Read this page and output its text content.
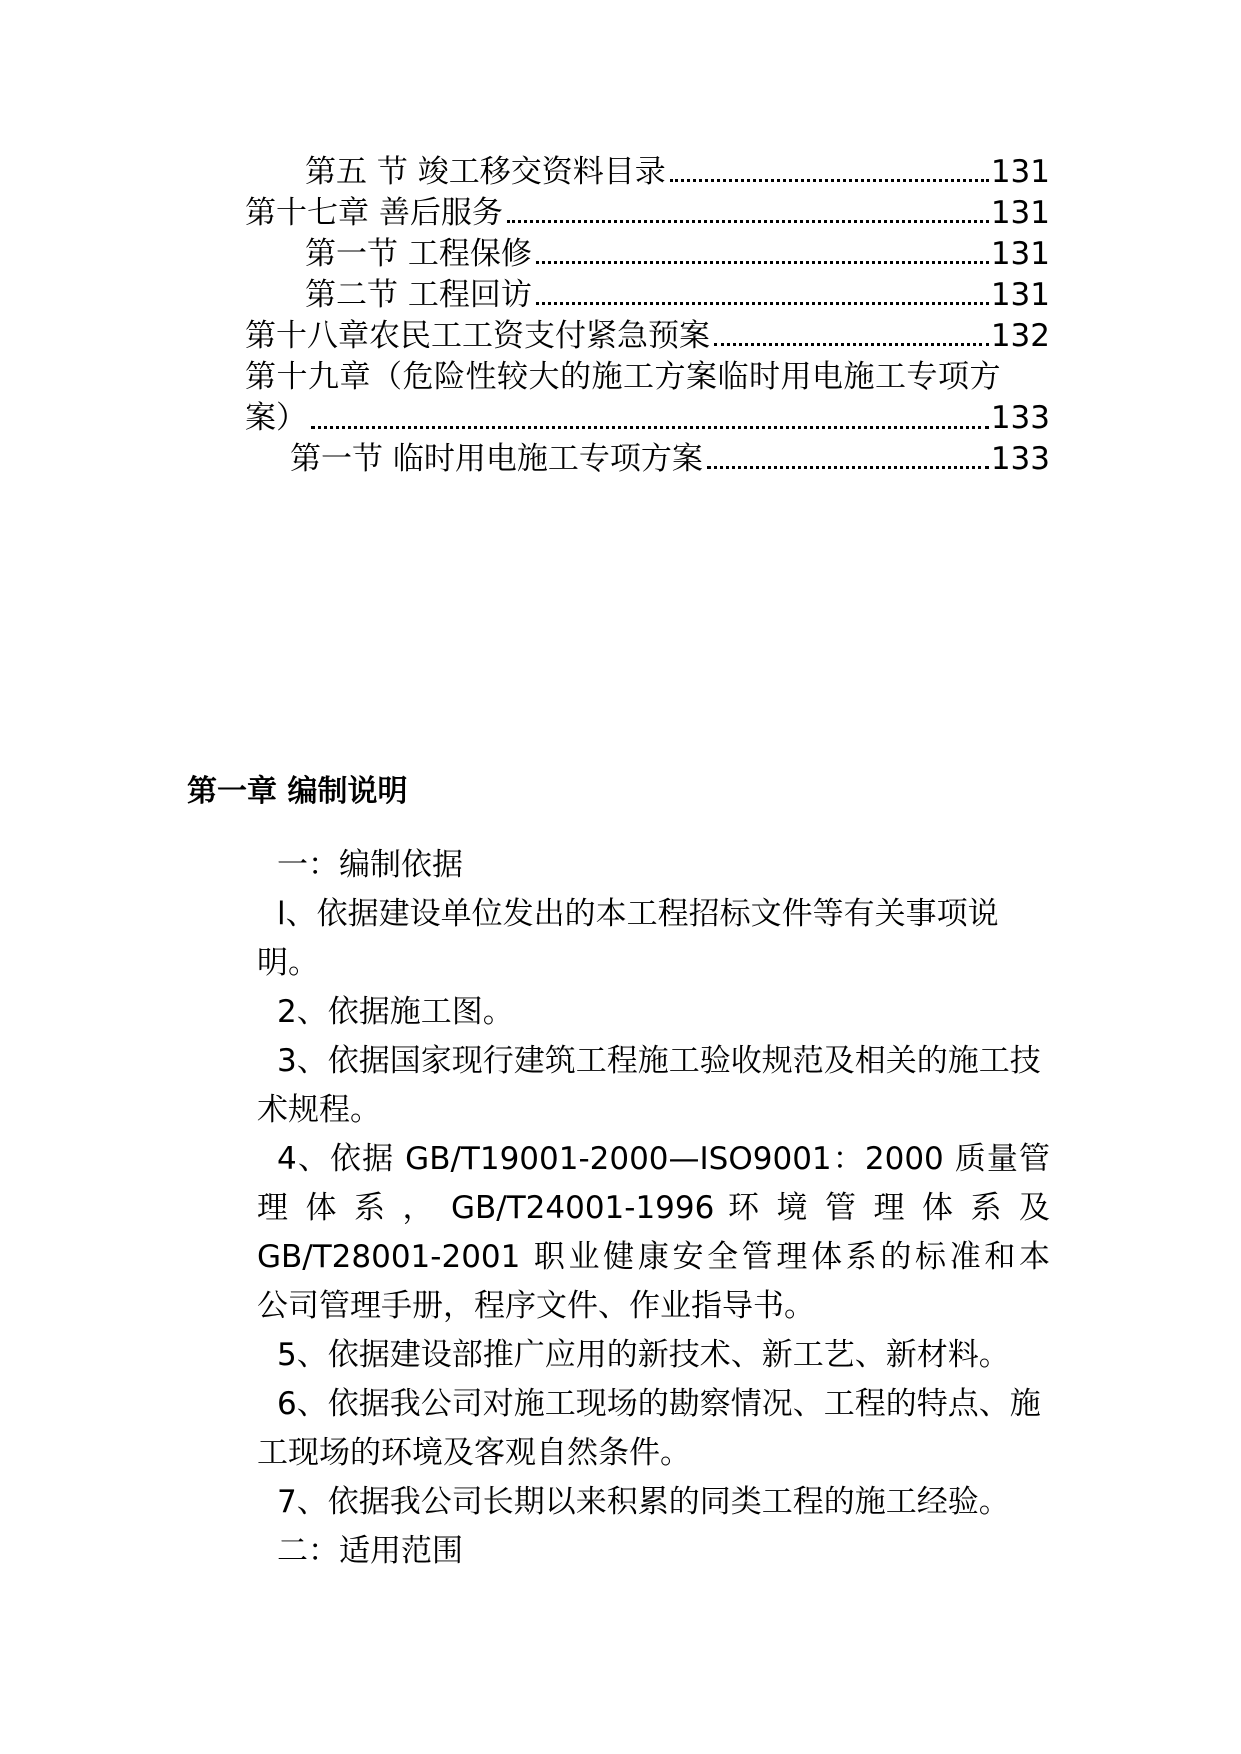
第五 节 竣工移交资料目录	131
第十七章 善后服务	131
第一节 工程保修	131
第二节 工程回访	131
第十八章农民工工资支付紧急预案	132
第十九章（危险性较大的施工方案临时用电施工专项方
案）	133
第一节 临时用电施工专项方案	133
第一章 编制说明

一：编制依据

l、依据建设单位发出的本工程招标文件等有关事项说明。

2、依据施工图。

3、依据国家现行建筑工程施工验收规范及相关的施工技术规程。

4、依据 GB/T19001-2000—ISO9001：2000 质量管
理 体 系 ， GB/T24001-1996 环 境 管 理 体 系 及
GB/T28001-2001 职业健康安全管理体系的标准和本
公司管理手册，程序文件、作业指导书。

5、依据建设部推广应用的新技术、新工艺、新材料。

6、依据我公司对施工现场的勘察情况、工程的特点、施工现场的环境及客观自然条件。

7、依据我公司长期以来积累的同类工程的施工经验。

二：适用范围
